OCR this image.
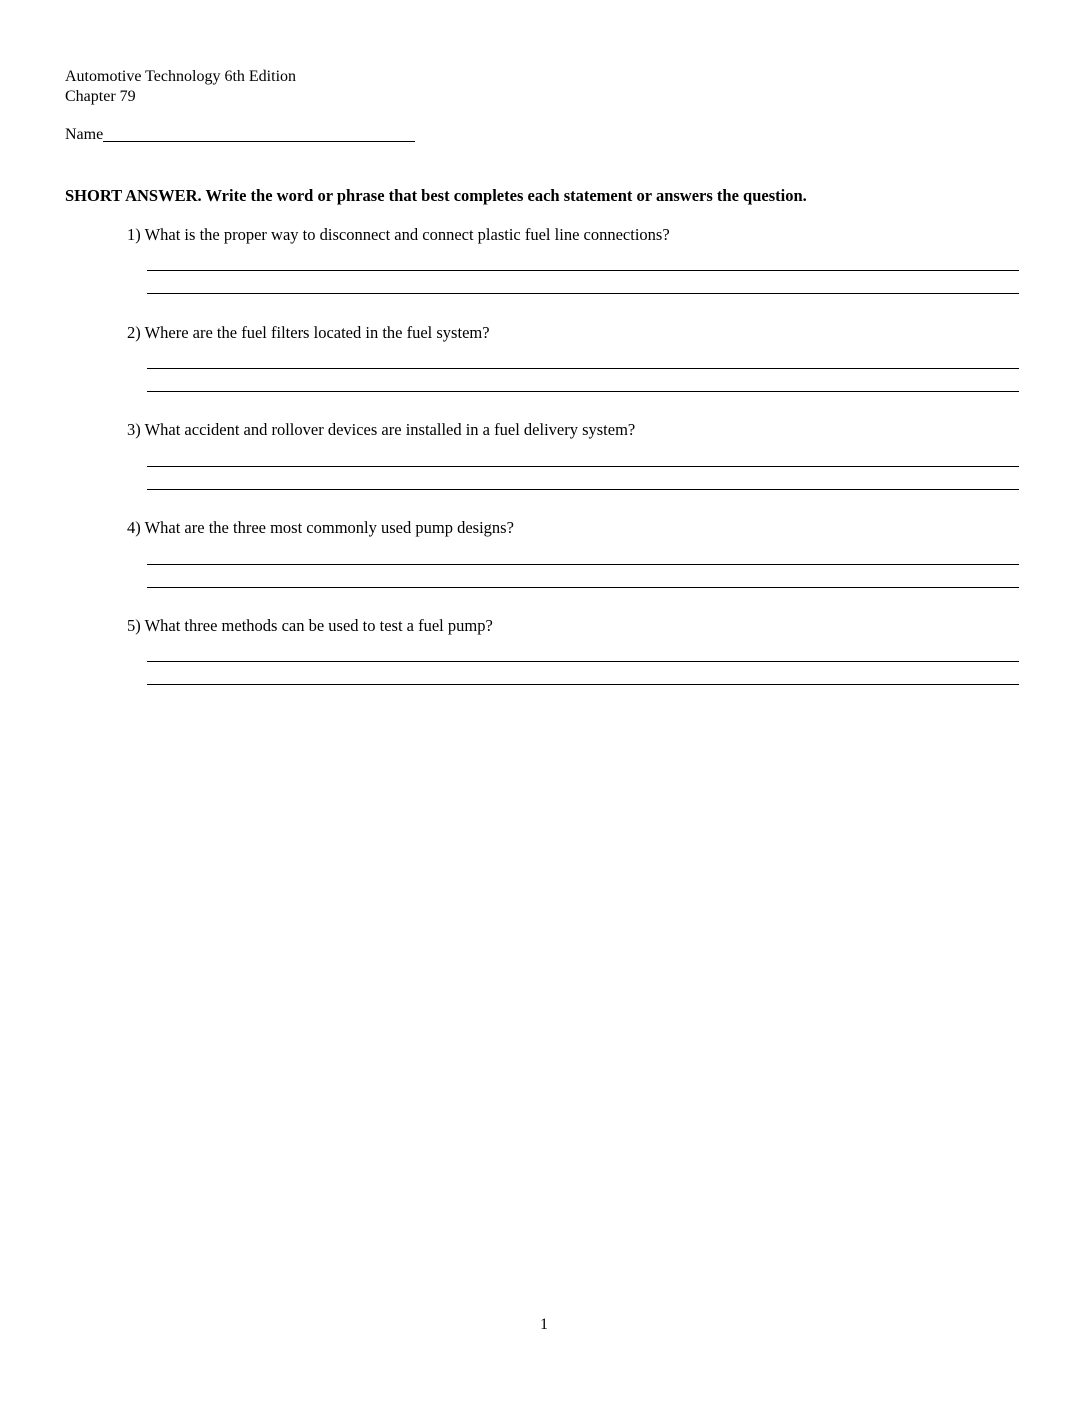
Automotive Technology 6th Edition
Chapter 79
Name
SHORT ANSWER. Write the word or phrase that best completes each statement or answers the question.
1) What is the proper way to disconnect and connect plastic fuel line connections?
2) Where are the fuel filters located in the fuel system?
3) What accident and rollover devices are installed in a fuel delivery system?
4) What are the three most commonly used pump designs?
5) What three methods can be used to test a fuel pump?
1
